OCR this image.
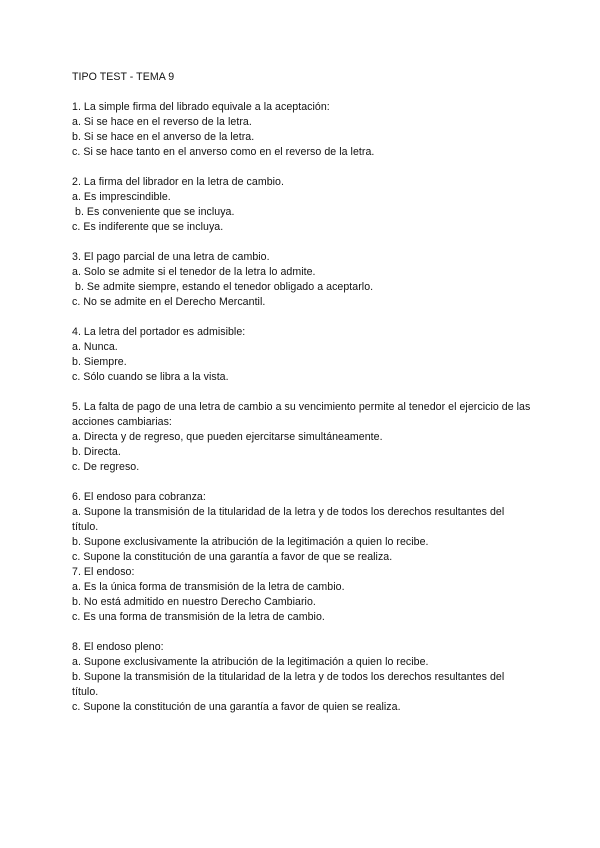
TIPO TEST - TEMA 9
1. La simple firma del librado equivale a la aceptación:
a. Si se hace en el reverso de la letra.
b. Si se hace en el anverso de la letra.
c. Si se hace tanto en el anverso como en el reverso de la letra.
2. La firma del librador en la letra de cambio.
a. Es imprescindible.
b. Es conveniente que se incluya.
c. Es indiferente que se incluya.
3. El pago parcial de una letra de cambio.
a. Solo se admite si el tenedor de la letra lo admite.
b. Se admite siempre, estando el tenedor obligado a aceptarlo.
c. No se admite en el Derecho Mercantil.
4. La letra del portador es admisible:
a. Nunca.
b. Siempre.
c. Sólo cuando se libra a la vista.
5. La falta de pago de una letra de cambio a su vencimiento permite al tenedor el ejercicio de las acciones cambiarias:
a. Directa y de regreso, que pueden ejercitarse simultáneamente.
b. Directa.
c. De regreso.
6. El endoso para cobranza:
a. Supone la transmisión de la titularidad de la letra y de todos los derechos resultantes del título.
b. Supone exclusivamente la atribución de la legitimación a quien lo recibe.
c. Supone la constitución de una garantía a favor de que se realiza.
7. El endoso:
a. Es la única forma de transmisión de la letra de cambio.
b. No está admitido en nuestro Derecho Cambiario.
c. Es una forma de transmisión de la letra de cambio.
8. El endoso pleno:
a. Supone exclusivamente la atribución de la legitimación a quien lo recibe.
b. Supone la transmisión de la titularidad de la letra y de todos los derechos resultantes del título.
c. Supone la constitución de una garantía a favor de quien se realiza.
